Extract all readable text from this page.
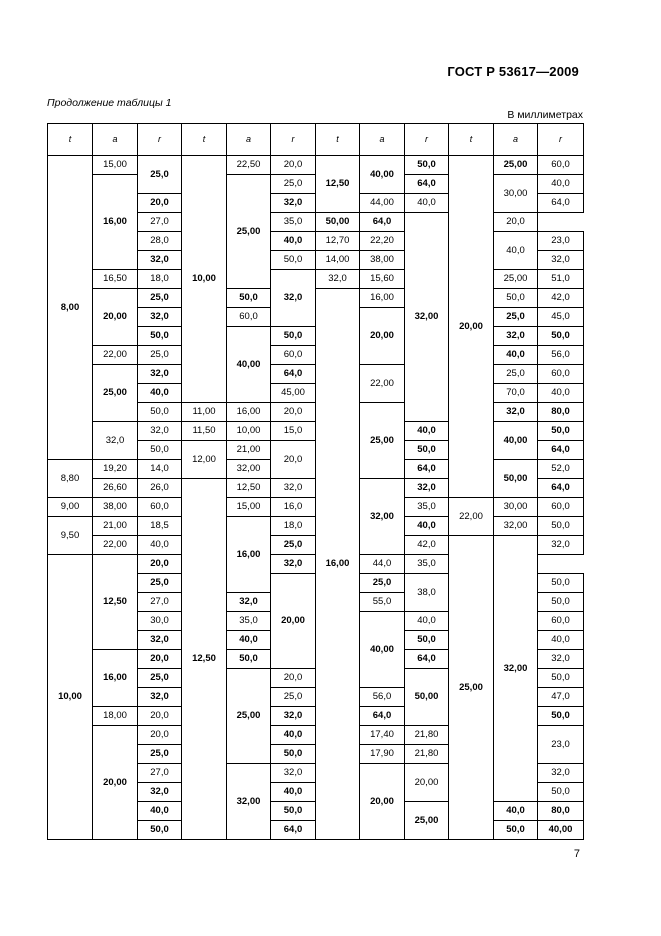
ГОСТ Р 53617—2009
Продолжение таблицы 1
В миллиметрах
t	a	r	t	a	r	t	a	r	t	a	r	
8,00	15,00	25,0	10,00	22,50	20,0	12,50	40,00	50,0	20,00	25,00	60,0	
	16,00			25,00	25,0			64,0		30,00	40,0	
		20,0			32,0		44,00	40,0			64,0	
		27,0			35,0	50,00	64,0	32,00		20,0		
		28,0			40,0	12,70	22,20			40,0	23,0	
		32,0			50,0	14,00	38,00				32,0	
	16,50	18,0			32,0	32,0	15,60			25,00	51,0	
	20,00	25,0		50,0		16,00	16,00			50,0	42,0	
		32,0		60,0			20,00			25,0	45,0	
		50,0		40,00	50,0					32,0	50,0	
	22,00	25,0			60,0					40,0	56,0	
	25,00	32,0			64,0		22,00			25,0	60,0	
		40,0			45,00					70,0	40,0	
		50,0	11,00	16,00	20,0		25,00			32,0	80,0	
	32,0	32,0	11,50	10,00	15,0			40,0		40,00	50,0	
		50,0	12,00	21,00	20,0			50,0			64,0	
8,80	19,20	14,0		32,00				64,0		50,00	52,0	
	26,60	26,0	12,50	12,50	32,0		32,00	32,0			64,0	
9,00	38,00	60,0		15,00	16,0			35,0	22,00	30,00	60,0	
9,50	21,00	18,5		16,00	18,0			40,0		32,00	50,0	
	22,00	40,0			25,0			42,0	25,00	32,00	32,0	
10,00	12,50	20,0			32,0		44,0	35,0				
		25,0			20,00		25,0	38,0			50,0	
		27,0		32,0			55,0				50,0	
		30,0		35,0			40,00	40,0			60,0	
		32,0		40,0				50,0			40,0	
	16,00	20,0		50,0				64,0			32,0	
		25,0		25,00	20,0			50,00			50,0	
		32,0			25,0		56,0				47,0	
	18,00	20,0			32,0		64,0				50,0	
	20,00	20,0			40,0		17,40	21,80			23,0	
		25,0			50,0		17,90	21,80	
		27,0		32,00	32,0		20,00	20,00			32,0	
		32,0			40,0						50,0	
		40,0			50,0			25,00		40,0	80,0	
		50,0			64,0					50,0	40,00	
7
